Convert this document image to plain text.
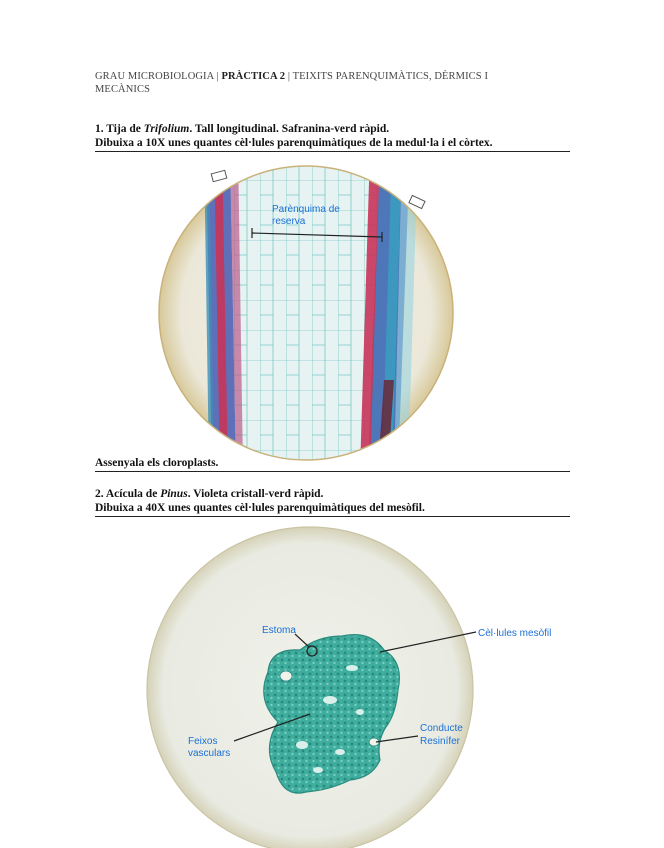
GRAU MICROBIOLOGIA | PRÀCTICA 2 | TEIXITS PARENQUIMÀTICS, DÈRMICS I
MECÀNICS
1. Tija de Trifolium. Tall longitudinal. Safranina-verd ràpid.
Dibuixa a 10X unes quantes cèl·lules parenquimàtiques de la medul·la i el còrtex.
Assenyala els cloroplasts.
2. Acícula de Pinus. Violeta cristall-verd ràpid.
Dibuixa a 40X unes quantes cèl·lules parenquimàtiques del mesòfil.
Parènquima de
reserva
Estoma	Cèl·lules mesòfil
Feixos
vasculars
Conducte
Resinífer
